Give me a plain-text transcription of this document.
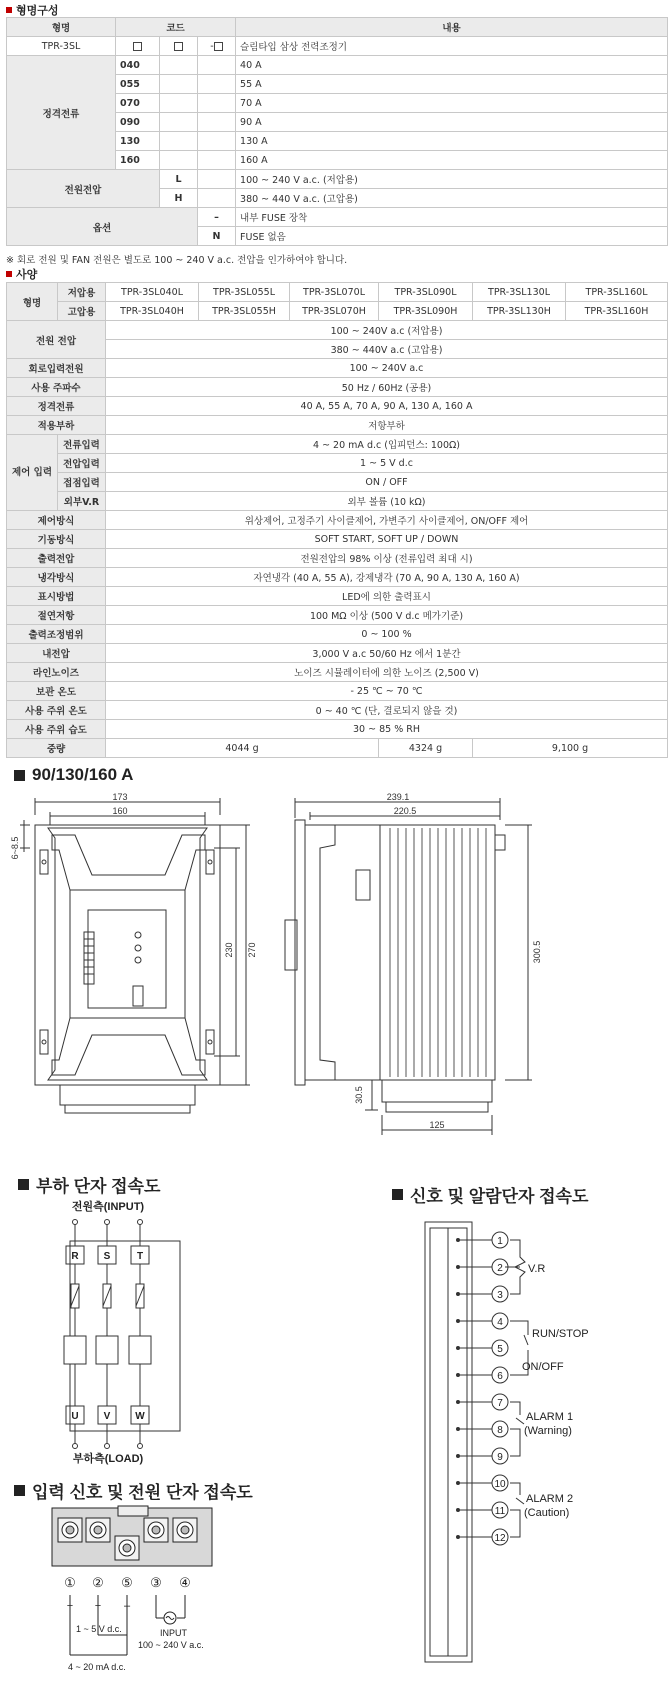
형명구성
형명	코드			내용
TPR-3SL			-	슬림타입 삼상 전력조정기
정격전류	040			40 A
	055			55 A
	070			70 A
	090			90 A
	130			130 A
	160			160 A
전원전압		L		100 ~ 240 V a.c. (저압용)
		H		380 ~ 440 V a.c. (고압용)
옵션			–	내부 FUSE 장착
			N	FUSE 없음
※ 회로 전원 및 FAN 전원은 별도로 100 ~ 240 V a.c. 전압을 인가하여야 합니다.
사양
형명	저압용	TPR-3SL040L	TPR-3SL055L	TPR-3SL070L	TPR-3SL090L	TPR-3SL130L	TPR-3SL160L
	고압용	TPR-3SL040H	TPR-3SL055H	TPR-3SL070H	TPR-3SL090H	TPR-3SL130H	TPR-3SL160H
전원 전압		100 ~ 240V a.c (저압용)					
		380 ~ 440V a.c (고압용)					
회로입력전원		100 ~ 240V a.c					
사용 주파수		50 Hz / 60Hz (공용)					
정격전류		40 A, 55 A, 70 A, 90 A, 130 A, 160 A					
적용부하		저항부하					
제어 입력	전류입력	4 ~ 20 mA d.c (입피던스: 100Ω)					
	전압입력	1 ~ 5 V d.c					
	접점입력	ON / OFF					
	외부V.R	외부 볼륨 (10 kΩ)					
제어방식		위상제어, 고정주기 사이클제어, 가변주기 사이클제어, ON/OFF 제어					
기동방식		SOFT START, SOFT UP / DOWN					
출력전압		전원전압의 98% 이상 (전류입력 최대 시)					
냉각방식		자연냉각 (40 A, 55 A), 강제냉각 (70 A, 90 A, 130 A, 160 A)					
표시방법		LED에 의한 출력표시					
절연저항		100 MΩ 이상 (500 V d.c 메가기준)					
출력조정범위		0 ~ 100 %					
내전압		3,000 V a.c 50/60 Hz 에서 1분간					
라인노이즈		노이즈 시뮬레이터에 의한 노이즈 (2,500 V)					
보관 온도		- 25 ℃ ~ 70 ℃					
사용 주위 온도		0 ~ 40 ℃ (단, 결로되지 않을 것)					
사용 주위 습도		30 ~ 85 % RH					
중량		4044 g			4324 g	9,100 g	
90/130/160 A
173
160
6~8.5
230 270
239.1
220.5
300.5
30.5
125
부하 단자 접속도
전원측(INPUT)
R	S	T
U	V W
부하측(LOAD)
신호 및 알람단자 접속도
1
2
3
4
5
6
7
8
9
10
11
12
V.R
RUN/STOP
ON/OFF
ALARM 1
(Warning)
ALARM 2
(Caution)
입력 신호 및 전원 단자 접속도
① ② ⑤ ③ ④
+ + –
1 ~ 5 V d.c.
4 ~ 20 mA d.c.
INPUT
100 ~ 240 V a.c.
